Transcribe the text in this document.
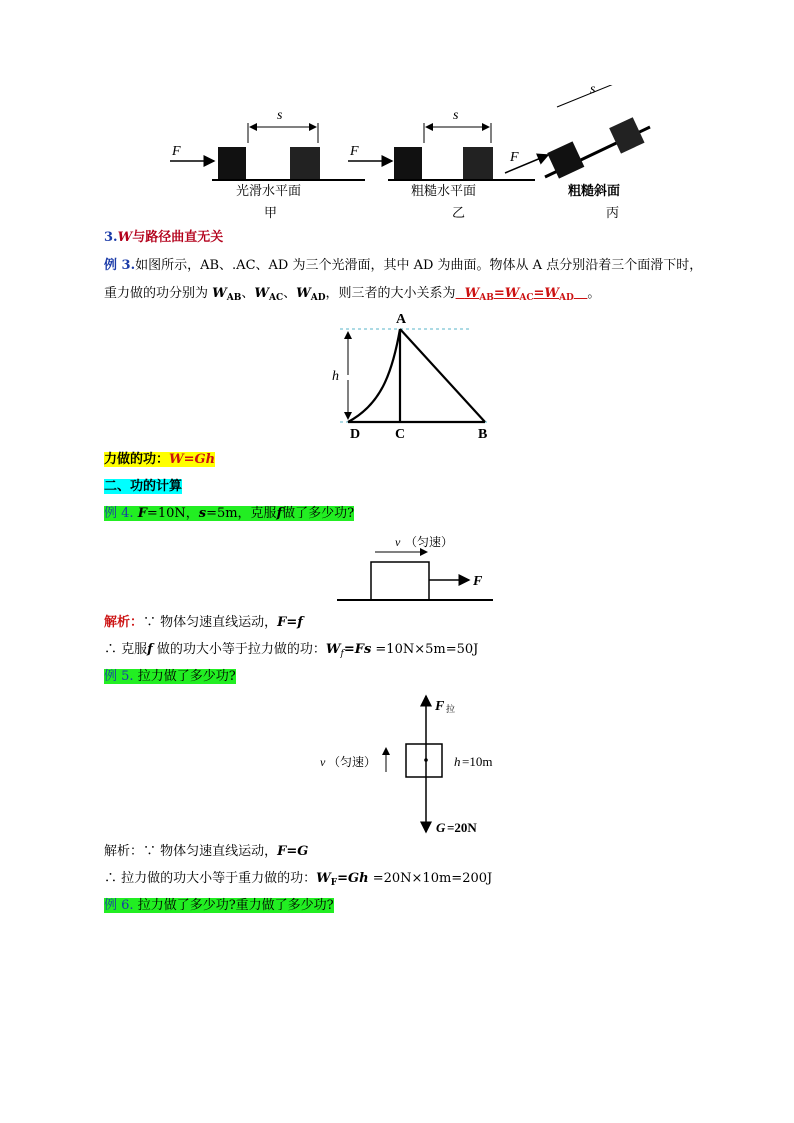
F
s
F
s
F
s
光滑水平面
甲
粗糙水平面
乙
粗糙斜面
丙
3.W与路径曲直无关
例 3.如图所示，AB、.AC、AD 为三个光滑面，其中 AD 为曲面。物体从 A 点分别沿着三个面滑下时，
重力做的功分别为 $W_{AB}$、$W_{AC}$、$W_{AD}$，则三者的大小关系为 $W_{AB}=W_{AC}=W_{AD}$ 。
h
A
D C	B
力做的功：W=Gh
二、功的计算
例 4. F=10N，s=5m，克服f做了多少功?
v （匀速）
F
解析：∵ 物体匀速直线运动，F=f
∴ 克服f 做的功大小等于拉力做的功：$W_f=Fs =10N\times 5m=50J$
例 5. 拉力做了多少功?
F 拉
h =10m
v （匀速）
G =20N
解析：∵ 物体匀速直线运动，F=G
∴ 拉力做的功大小等于重力做的功：$W_F=Gh =20N\times 10m=200J$
例 6. 拉力做了多少功?重力做了多少功?
